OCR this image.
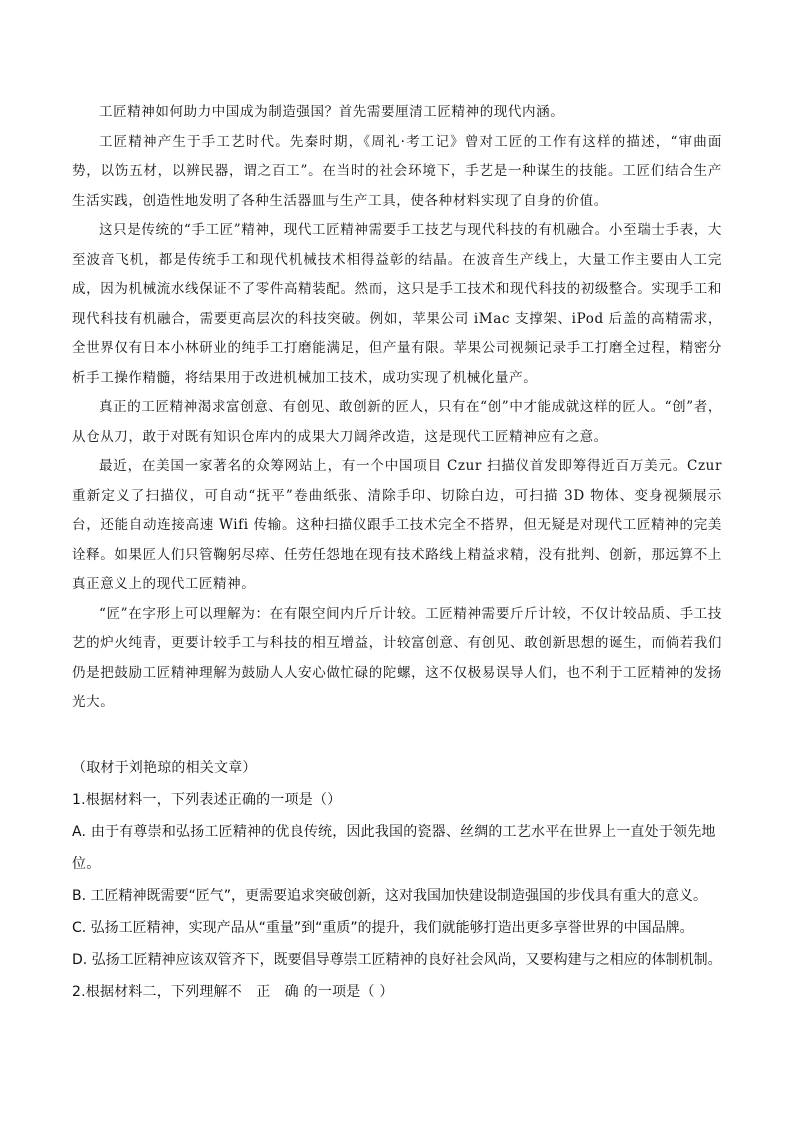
工匠精神如何助力中国成为制造强国？首先需要厘清工匠精神的现代内涵。

工匠精神产生于手工艺时代。先秦时期，《周礼·考工记》曾对工匠的工作有这样的描述，“审曲面势，以饬五材，以辨民器，谓之百工”。在当时的社会环境下，手艺是一种谋生的技能。工匠们结合生产生活实践，创造性地发明了各种生活器皿与生产工具，使各种材料实现了自身的价值。

这只是传统的“手工匠”精神，现代工匠精神需要手工技艺与现代科技的有机融合。小至瑞士手表，大至波音飞机，都是传统手工和现代机械技术相得益彰的结晶。在波音生产线上，大量工作主要由人工完成，因为机械流水线保证不了零件高精装配。然而，这只是手工技术和现代科技的初级整合。实现手工和现代科技有机融合，需要更高层次的科技突破。例如，苹果公司 iMac 支撑架、iPod 后盖的高精需求，全世界仅有日本小林研业的纯手工打磨能满足，但产量有限。苹果公司视频记录手工打磨全过程，精密分析手工操作精髓，将结果用于改进机械加工技术，成功实现了机械化量产。

真正的工匠精神渴求富创意、有创见、敢创新的匠人，只有在“创”中才能成就这样的匠人。“创”者，从仓从刀，敢于对既有知识仓库内的成果大刀阔斧改造，这是现代工匠精神应有之意。

最近，在美国一家著名的众筹网站上，有一个中国项目 Czur 扫描仪首发即筹得近百万美元。Czur 重新定义了扫描仪，可自动“抚平”卷曲纸张、清除手印、切除白边，可扫描 3D 物体、变身视频展示台，还能自动连接高速 Wifi 传输。这种扫描仪跟手工技术完全不搭界，但无疑是对现代工匠精神的完美诠释。如果匠人们只管鞠躬尽瘁、任劳任怨地在现有技术路线上精益求精，没有批判、创新，那远算不上真正意义上的现代工匠精神。

“匠”在字形上可以理解为：在有限空间内斤斤计较。工匠精神需要斤斤计较，不仅计较品质、手工技艺的炉火纯青，更要计较手工与科技的相互增益，计较富创意、有创见、敢创新思想的诞生，而倘若我们仍是把鼓励工匠精神理解为鼓励人人安心做忙碌的陀螺，这不仅极易误导人们，也不利于工匠精神的发扬光大。

（取材于刘艳琼的相关文章）

1.根据材料一，下列表述正确的一项是（）

A. 由于有尊崇和弘扬工匠精神的优良传统，因此我国的瓷器、丝绸的工艺水平在世界上一直处于领先地位。

B. 工匠精神既需要“匠气”，更需要追求突破创新，这对我国加快建设制造强国的步伐具有重大的意义。

C. 弘扬工匠精神，实现产品从“重量”到“重质”的提升，我们就能够打造出更多享誉世界的中国品牌。

D. 弘扬工匠精神应该双管齐下，既要倡导尊崇工匠精神的良好社会风尚，又要构建与之相应的体制机制。

2.根据材料二，下列理解不 正 确的一项是（ ）
